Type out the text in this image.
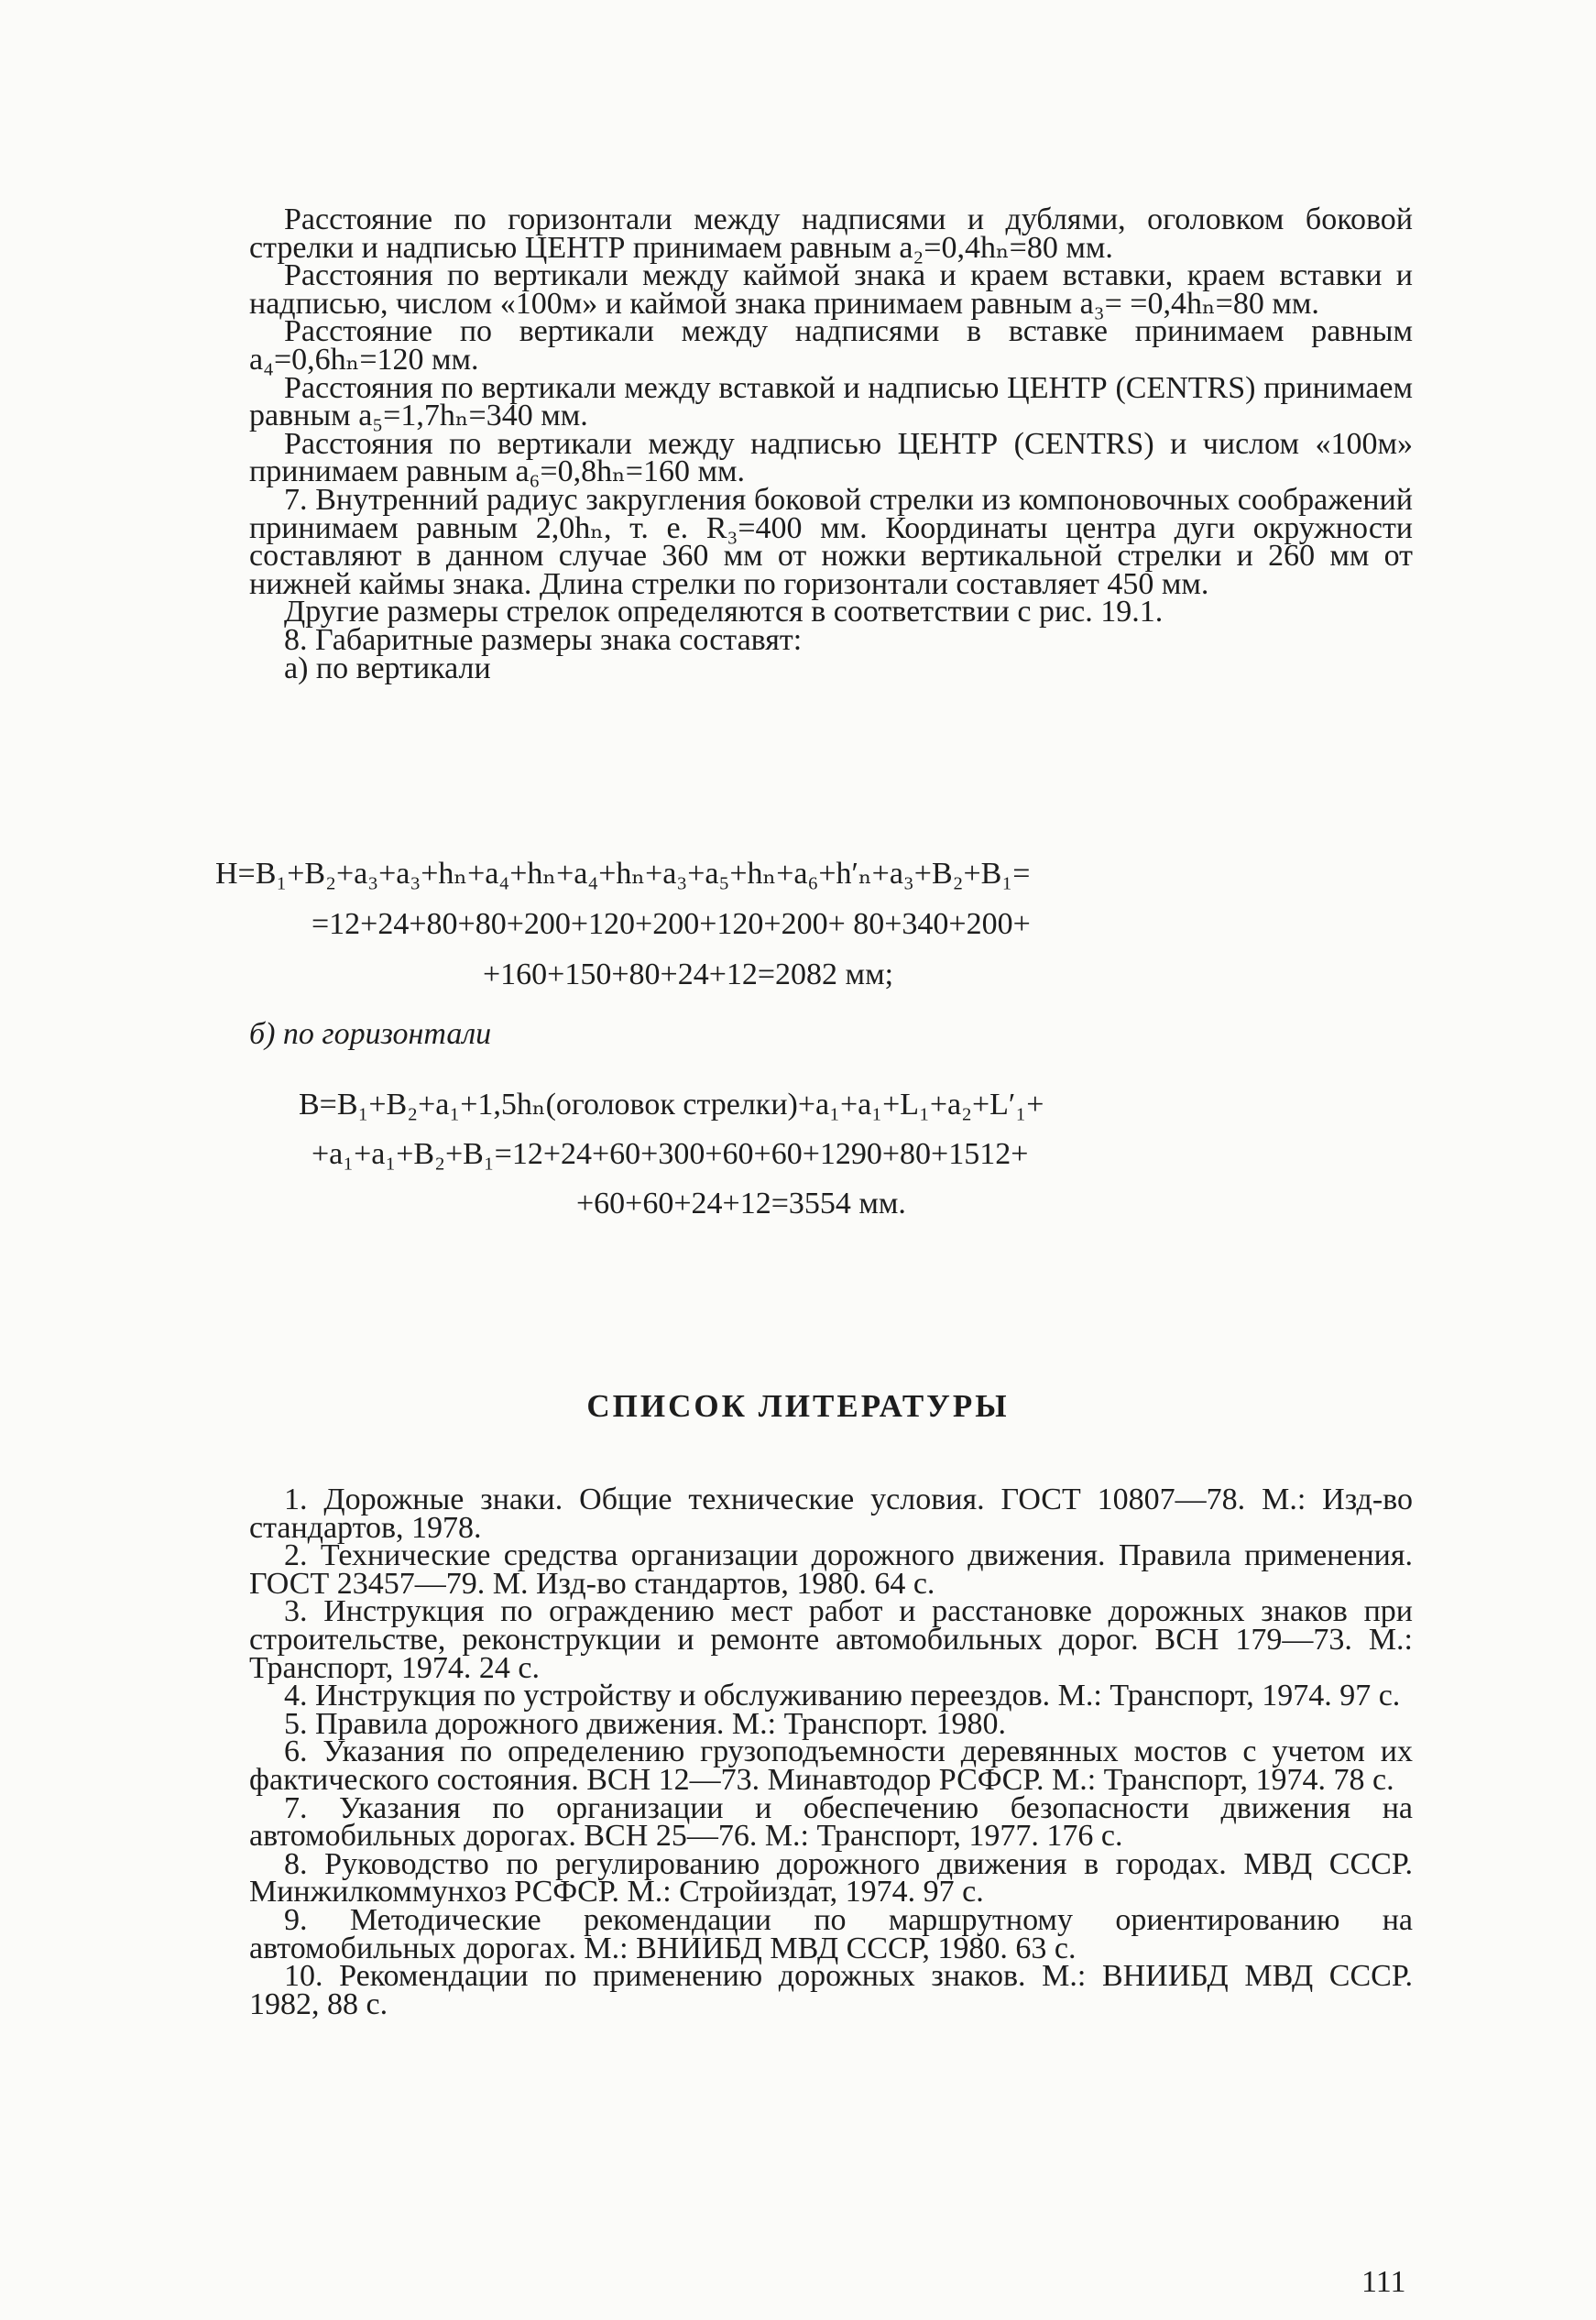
Расстояние по горизонтали между надписями и дублями, оголовком боковой стрелки и надписью ЦЕНТР принимаем равным a₂=0,4hₙ=80 мм.

Расстояния по вертикали между каймой знака и краем вставки, краем вставки и надписью, числом «100м» и каймой знака принимаем равным a₃= =0,4hₙ=80 мм.

Расстояние по вертикали между надписями в вставке принимаем равным a₄=0,6hₙ=120 мм.

Расстояния по вертикали между вставкой и надписью ЦЕНТР (CENTRS) принимаем равным a₅=1,7hₙ=340 мм.

Расстояния по вертикали между надписью ЦЕНТР (CENTRS) и числом «100м» принимаем равным a₆=0,8hₙ=160 мм.

7. Внутренний радиус закругления боковой стрелки из компоновочных соображений принимаем равным 2,0hₙ, т. е. R₃=400 мм. Координаты центра дуги окружности составляют в данном случае 360 мм от ножки вертикальной стрелки и 260 мм от нижней каймы знака. Длина стрелки по горизонтали составляет 450 мм.

Другие размеры стрелок определяются в соответствии с рис. 19.1.

8. Габаритные размеры знака составят:

а) по вертикали

H=B₁+B₂+a₃+a₃+hₙ+a₄+hₙ+a₄+hₙ+a₃+a₅+hₙ+a₆+h′ₙ+a₃+B₂+B₁=
=12+24+80+80+200+120+200+120+200+ 80+340+200+
+160+150+80+24+12=2082 мм;
б) по горизонтали
B=B₁+B₂+a₁+1,5hₙ(оголовок стрелки)+a₁+a₁+L₁+a₂+L′₁+
+a₁+a₁+B₂+B₁=12+24+60+300+60+60+1290+80+1512+
+60+60+24+12=3554 мм.
СПИСОК ЛИТЕРАТУРЫ

1. Дорожные знаки. Общие технические условия. ГОСТ 10807—78. М.: Изд-во стандартов, 1978.

2. Технические средства организации дорожного движения. Правила применения. ГОСТ 23457—79. М. Изд-во стандартов, 1980. 64 с.

3. Инструкция по ограждению мест работ и расстановке дорожных знаков при строительстве, реконструкции и ремонте автомобильных дорог. ВСН 179—73. М.: Транспорт, 1974. 24 с.

4. Инструкция по устройству и обслуживанию переездов. М.: Транспорт, 1974. 97 с.

5. Правила дорожного движения. М.: Транспорт. 1980.

6. Указания по определению грузоподъемности деревянных мостов с учетом их фактического состояния. ВСН 12—73. Минавтодор РСФСР. М.: Транспорт, 1974. 78 с.

7. Указания по организации и обеспечению безопасности движения на автомобильных дорогах. ВСН 25—76. М.: Транспорт, 1977. 176 с.

8. Руководство по регулированию дорожного движения в городах. МВД СССР. Минжилкоммунхоз РСФСР. М.: Стройиздат, 1974. 97 с.

9. Методические рекомендации по маршрутному ориентированию на автомобильных дорогах. М.: ВНИИБД МВД СССР, 1980. 63 с.

10. Рекомендации по применению дорожных знаков. М.: ВНИИБД МВД СССР. 1982, 88 с.

111
